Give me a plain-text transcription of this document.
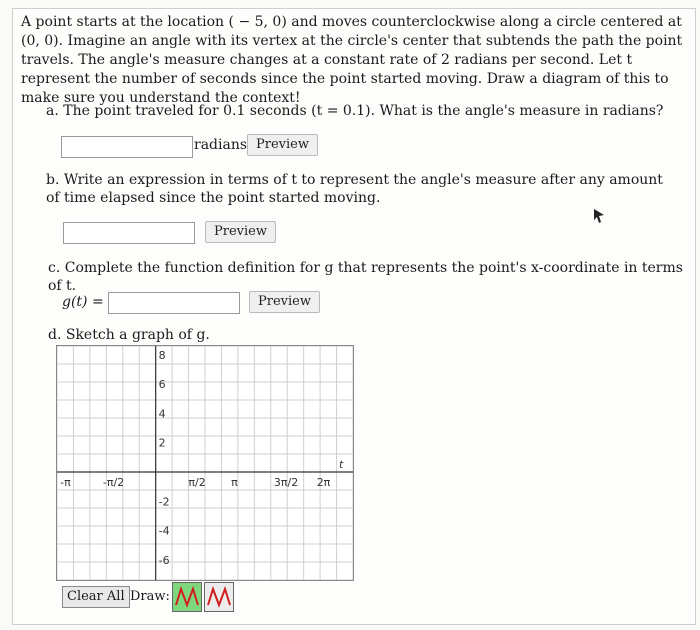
A point starts at the location ( − 5, 0) and moves counterclockwise along a circle centered at (0, 0). Imagine an angle with its vertex at the circle's center that subtends the path the point travels. The angle's measure changes at a constant rate of 2 radians per second. Let t represent the number of seconds since the point started moving. Draw a diagram of this to make sure you understand the context!
a. The point traveled for 0.1 seconds (t = 0.1). What is the angle's measure in radians?
radians Preview
b. Write an expression in terms of t to represent the angle's measure after any amount of time elapsed since the point started moving.
Preview
c. Complete the function definition for g that represents the point's x-coordinate in terms of t.
g(t) =	Preview
d. Sketch a graph of g.
8
6
4
2
-2
-4
-6
-π	-π/2	π/2 π	3π/2 2π
t
Clear All Draw:
